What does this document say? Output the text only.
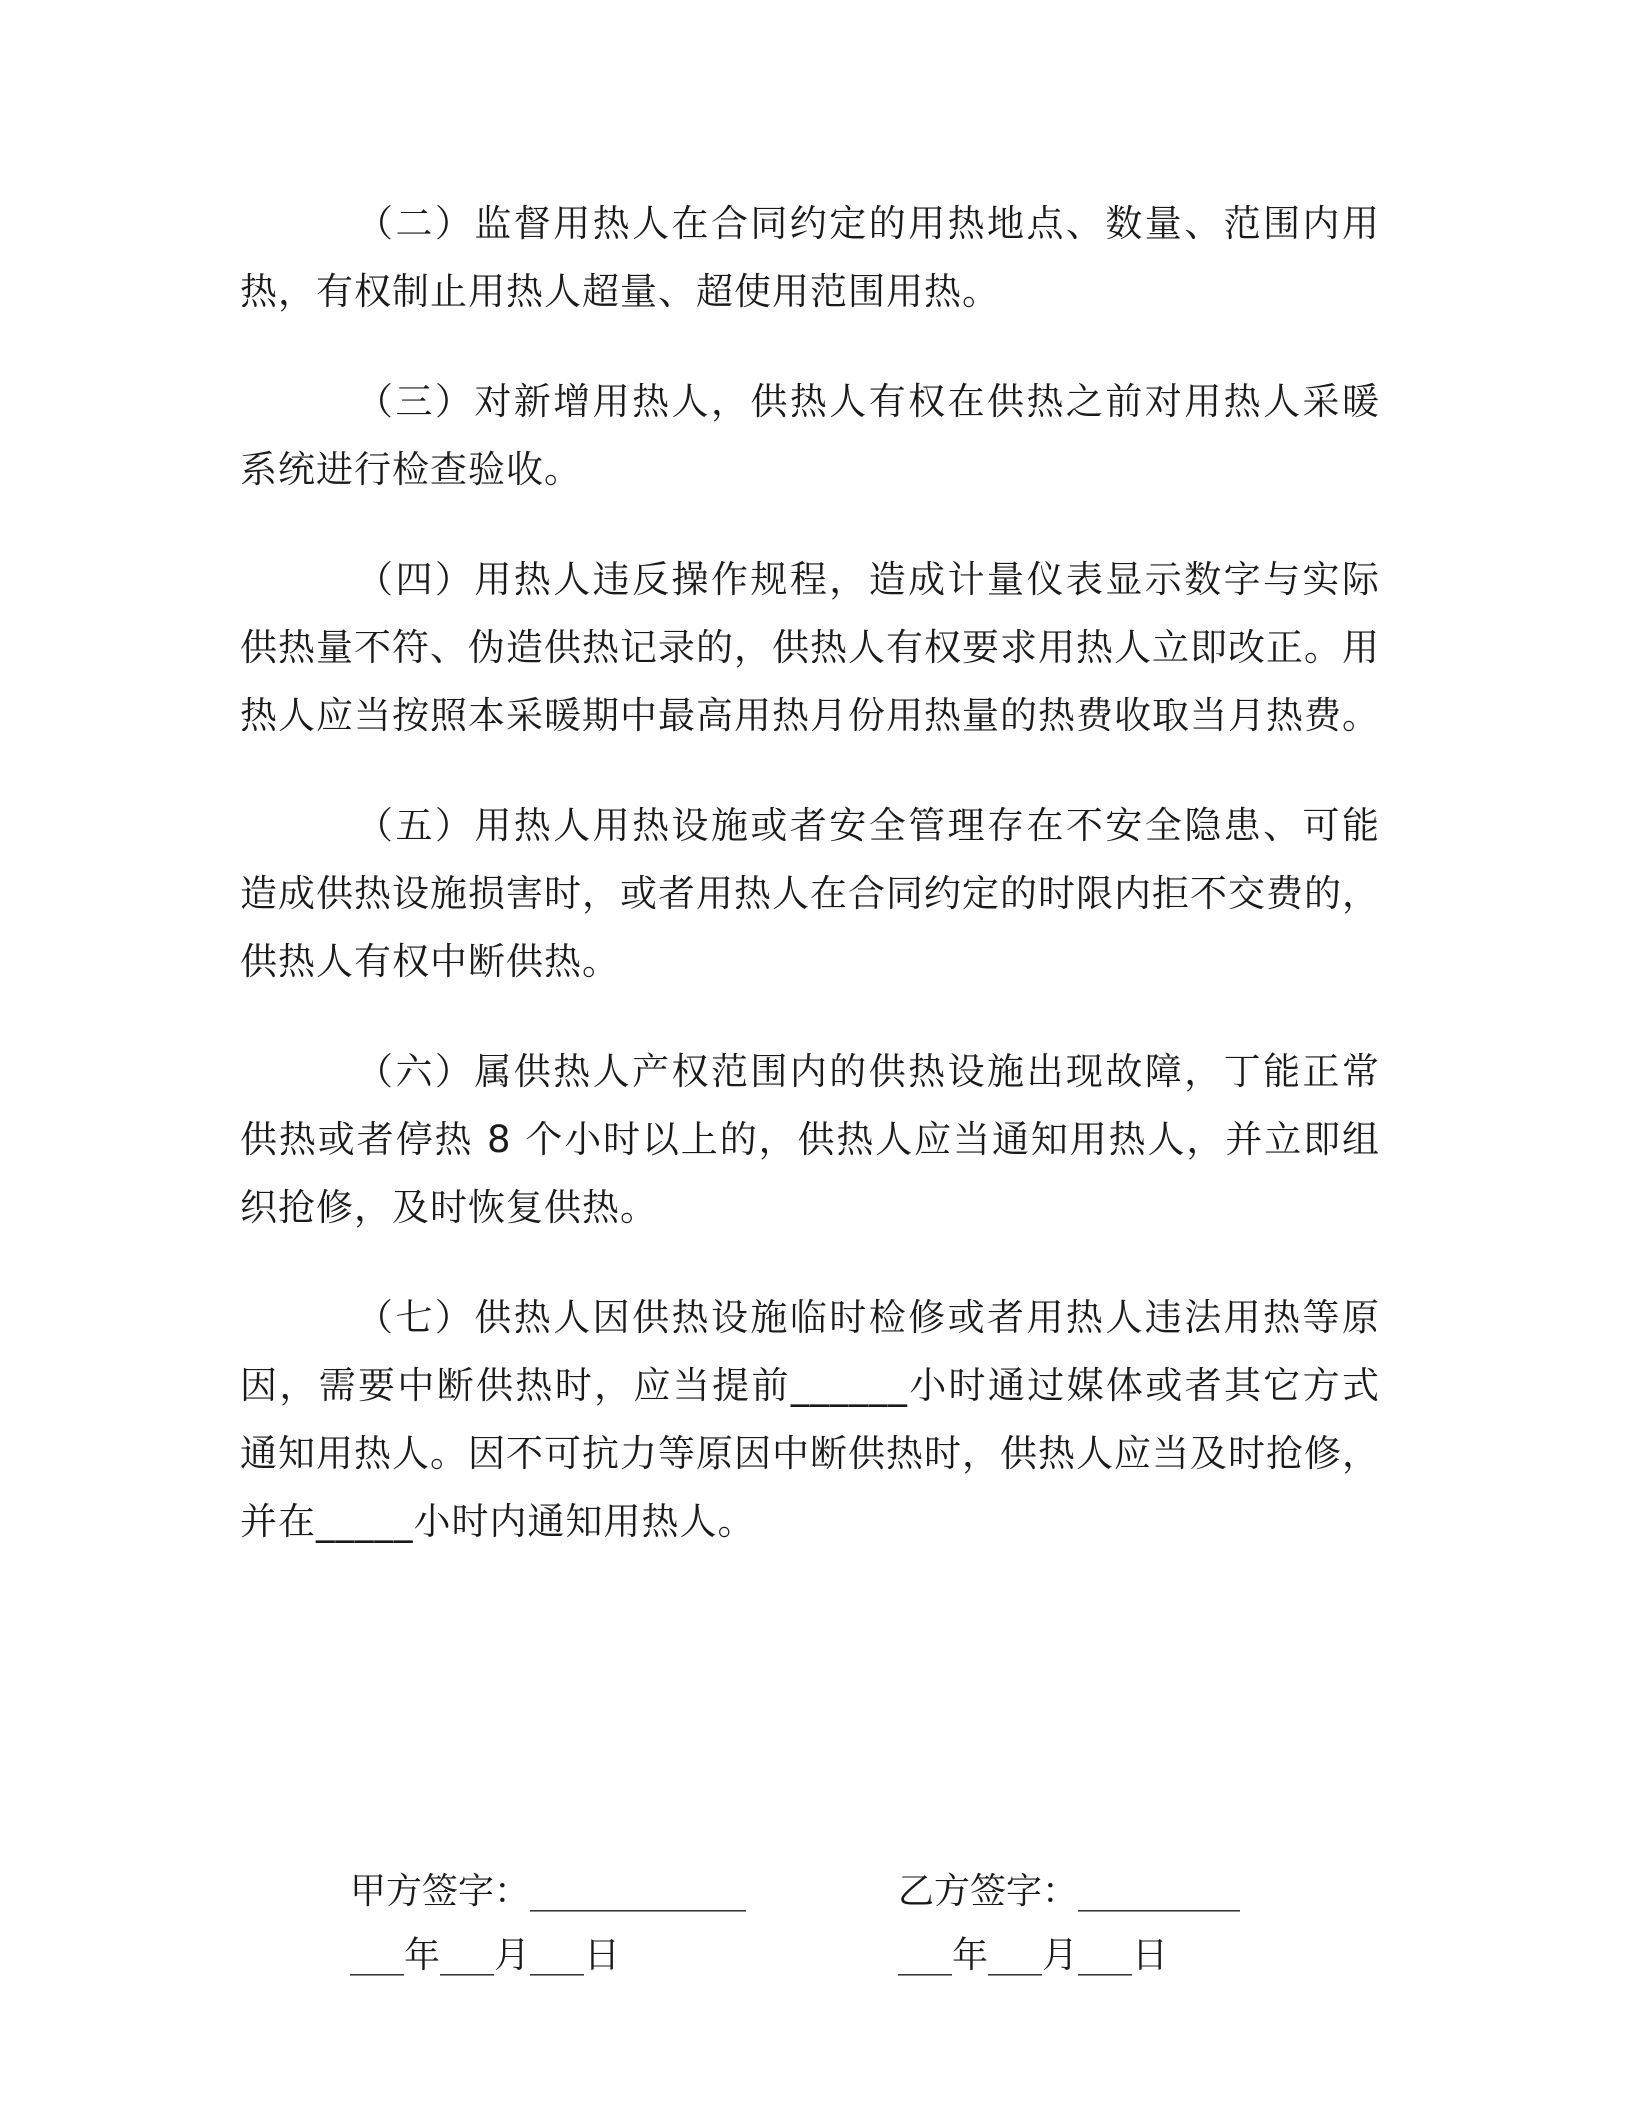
（二）监督用热人在合同约定的用热地点、数量、范围内用热，有权制止用热人超量、超使用范围用热。

（三）对新增用热人，供热人有权在供热之前对用热人采暖系统进行检查验收。

（四）用热人违反操作规程，造成计量仪表显示数字与实际供热量不符、伪造供热记录的，供热人有权要求用热人立即改正。用热人应当按照本采暖期中最高用热月份用热量的热费收取当月热费。

（五）用热人用热设施或者安全管理存在不安全隐患、可能造成供热设施损害时，或者用热人在合同约定的时限内拒不交费的，供热人有权中断供热。

（六）属供热人产权范围内的供热设施出现故障，丁能正常供热或者停热 8 个小时以上的，供热人应当通知用热人，并立即组织抢修，及时恢复供热。

（七）供热人因供热设施临时检修或者用热人违法用热等原因，需要中断供热时，应当提前______小时通过媒体或者其它方式通知用热人。因不可抗力等原因中断供热时，供热人应当及时抢修，并在_____小时内通知用热人。

甲方签字：____________
___年___月___日
乙方签字：_________
___年___月___日
